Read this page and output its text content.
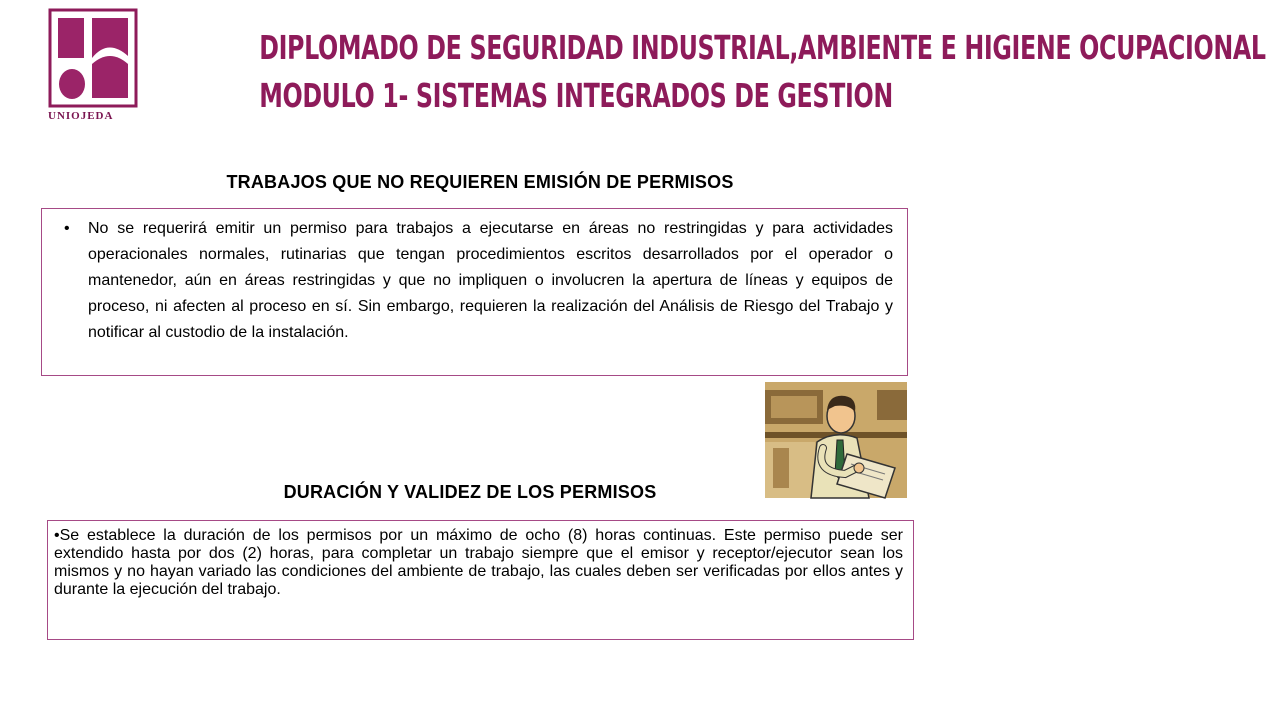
UNIOJEDA
DIPLOMADO DE SEGURIDAD INDUSTRIAL,AMBIENTE E HIGIENE OCUPACIONAL
MODULO 1- SISTEMAS INTEGRADOS DE GESTION
TRABAJOS QUE NO REQUIEREN EMISIÓN DE PERMISOS
•	No se requerirá emitir un permiso para trabajos a ejecutarse en áreas no restringidas y para actividades operacionales normales, rutinarias que tengan procedimientos escritos desarrollados por el operador o mantenedor, aún en áreas restringidas y que no impliquen o involucren la apertura de líneas y equipos de proceso, ni afecten al proceso en sí. Sin embargo, requieren la realización del Análisis de Riesgo del Trabajo y notificar al custodio de la instalación.
DURACIÓN Y VALIDEZ DE LOS PERMISOS
•Se establece la duración de los permisos por un máximo de ocho (8) horas continuas. Este permiso puede ser extendido hasta por dos (2) horas, para completar un trabajo siempre que el emisor y receptor/ejecutor sean los mismos y no hayan variado las condiciones del ambiente de trabajo, las cuales deben ser verificadas por ellos antes y durante la ejecución del trabajo.
